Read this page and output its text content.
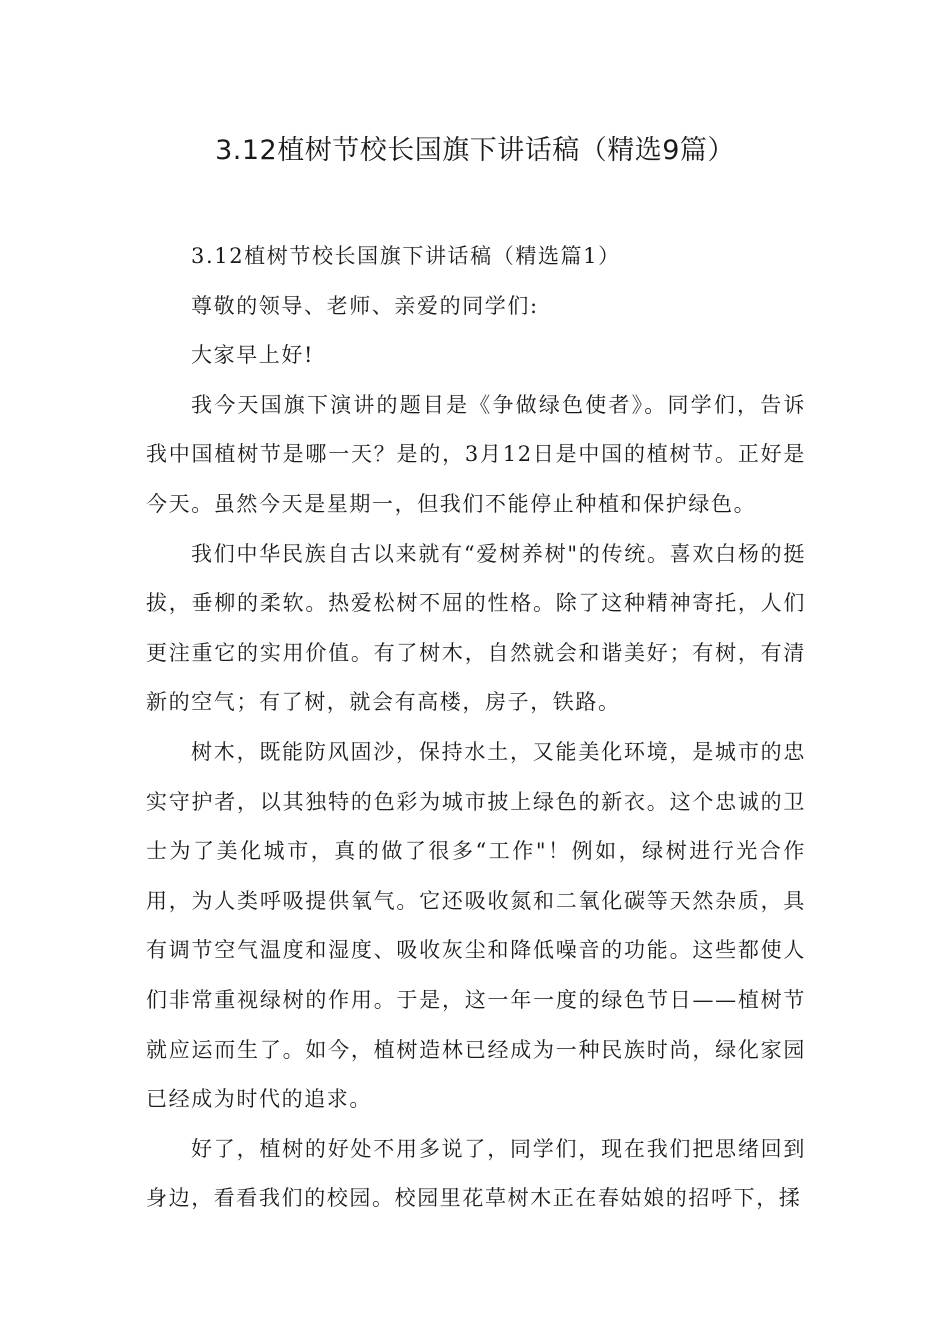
3.12植树节校长国旗下讲话稿（精选9篇）

3.12植树节校长国旗下讲话稿（精选篇1）

尊敬的领导、老师、亲爱的同学们:

大家早上好!

我今天国旗下演讲的题目是《争做绿色使者》。同学们，告诉我中国植树节是哪一天？是的，3月12日是中国的植树节。正好是今天。虽然今天是星期一，但我们不能停止种植和保护绿色。

我们中华民族自古以来就有“爱树养树"的传统。喜欢白杨的挺拔，垂柳的柔软。热爱松树不屈的性格。除了这种精神寄托，人们更注重它的实用价值。有了树木，自然就会和谐美好；有树，有清新的空气；有了树，就会有高楼，房子，铁路。

树木，既能防风固沙，保持水土，又能美化环境，是城市的忠实守护者，以其独特的色彩为城市披上绿色的新衣。这个忠诚的卫士为了美化城市，真的做了很多“工作"！例如，绿树进行光合作用，为人类呼吸提供氧气。它还吸收氮和二氧化碳等天然杂质，具有调节空气温度和湿度、吸收灰尘和降低噪音的功能。这些都使人们非常重视绿树的作用。于是，这一年一度的绿色节日——植树节就应运而生了。如今，植树造林已经成为一种民族时尚，绿化家园已经成为时代的追求。

好了，植树的好处不用多说了，同学们，现在我们把思绪回到身边，看看我们的校园。校园里花草树木正在春姑娘的招呼下，揉
